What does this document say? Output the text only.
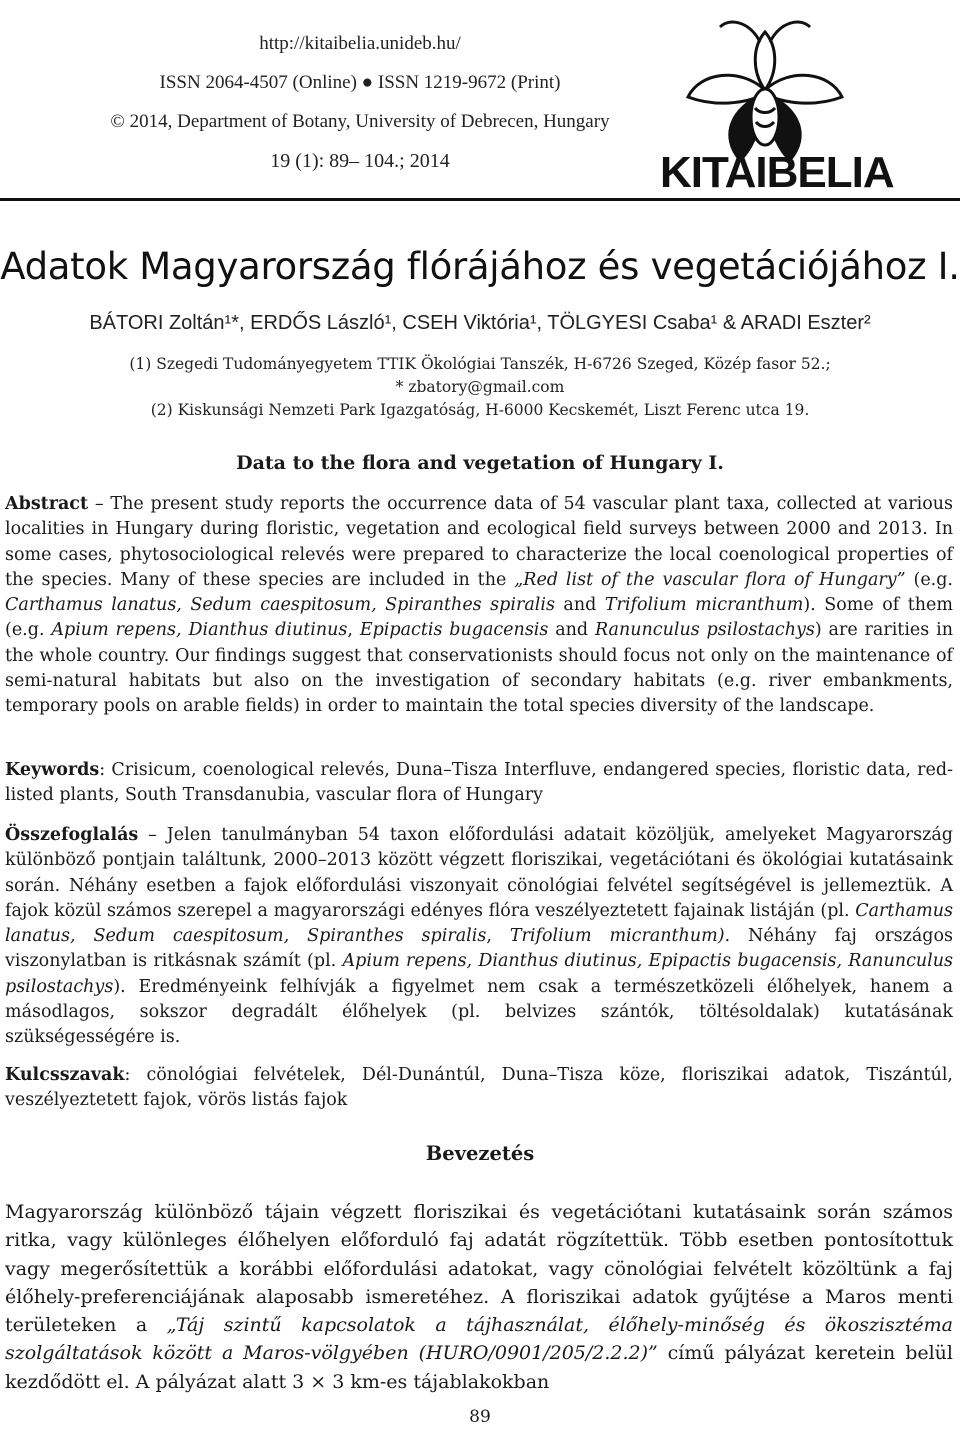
http://kitaibelia.unideb.hu/
ISSN 2064-4507 (Online) ● ISSN 1219-9672 (Print)
© 2014, Department of Botany, University of Debrecen, Hungary
19 (1): 89– 104.; 2014	KITAIBELIA
Adatok Magyarország flórájához és vegetációjához I.
BÁTORI Zoltán¹*, ERDŐS László¹, CSEH Viktória¹, TÖLGYESI Csaba¹ & ARADI Eszter²
(1) Szegedi Tudományegyetem TTIK Ökológiai Tanszék, H-6726 Szeged, Közép fasor 52.;
* zbatory@gmail.com
(2) Kiskunsági Nemzeti Park Igazgatóság, H-6000 Kecskemét, Liszt Ferenc utca 19.
Data to the flora and vegetation of Hungary I.
Abstract – The present study reports the occurrence data of 54 vascular plant taxa, collected at various localities in Hungary during floristic, vegetation and ecological field surveys between 2000 and 2013. In some cases, phytosociological relevés were prepared to characterize the local coenological properties of the species. Many of these species are included in the „Red list of the vascular flora of Hungary” (e.g. Carthamus lanatus, Sedum caespitosum, Spiranthes spiralis and Trifolium micranthum). Some of them (e.g. Apium repens, Dianthus diutinus, Epipactis bugacensis and Ranunculus psilostachys) are rarities in the whole country. Our findings suggest that conservationists should focus not only on the maintenance of semi-natural habitats but also on the investigation of secondary habitats (e.g. river embankments, temporary pools on arable fields) in order to maintain the total species diversity of the landscape.
Keywords: Crisicum, coenological relevés, Duna–Tisza Interfluve, endangered species, floristic data, red-listed plants, South Transdanubia, vascular flora of Hungary
Összefoglalás – Jelen tanulmányban 54 taxon előfordulási adatait közöljük, amelyeket Magyarország különböző pontjain találtunk, 2000–2013 között végzett floriszikai, vegetációtani és ökológiai kutatásaink során. Néhány esetben a fajok előfordulási viszonyait cönológiai felvétel segítségével is jellemeztük. A fajok közül számos szerepel a magyarországi edényes flóra veszélyeztetett fajainak listáján (pl. Carthamus lanatus, Sedum caespitosum, Spiranthes spiralis, Trifolium micranthum). Néhány faj országos viszonylatban is ritkásnak számít (pl. Apium repens, Dianthus diutinus, Epipactis bugacensis, Ranunculus psilostachys). Eredményeink felhívják a figyelmet nem csak a természetközeli élőhelyek, hanem a másodlagos, sokszor degradált élőhelyek (pl. belvizes szántók, töltésoldalak) kutatásának szükségességére is.
Kulcsszavak: cönológiai felvételek, Dél-Dunántúl, Duna–Tisza köze, floriszikai adatok, Tiszántúl, veszélyeztetett fajok, vörös listás fajok
Bevezetés
Magyarország különböző tájain végzett floriszikai és vegetációtani kutatásaink során számos ritka, vagy különleges élőhelyen előforduló faj adatát rögzítettük. Több esetben pontosítottuk vagy megerősítettük a korábbi előfordulási adatokat, vagy cönológiai felvételt közöltünk a faj élőhely-preferenciájának alaposabb ismeretéhez. A floriszikai adatok gyűjtése a Maros menti területeken a „Táj szintű kapcsolatok a tájhasználat, élőhely-minőség és ökoszisztéma szolgáltatások között a Maros-völgyében (HURO/0901/205/2.2.2)” című pályázat keretein belül kezdődött el. A pályázat alatt 3 × 3 km-es tájablakokban
89
